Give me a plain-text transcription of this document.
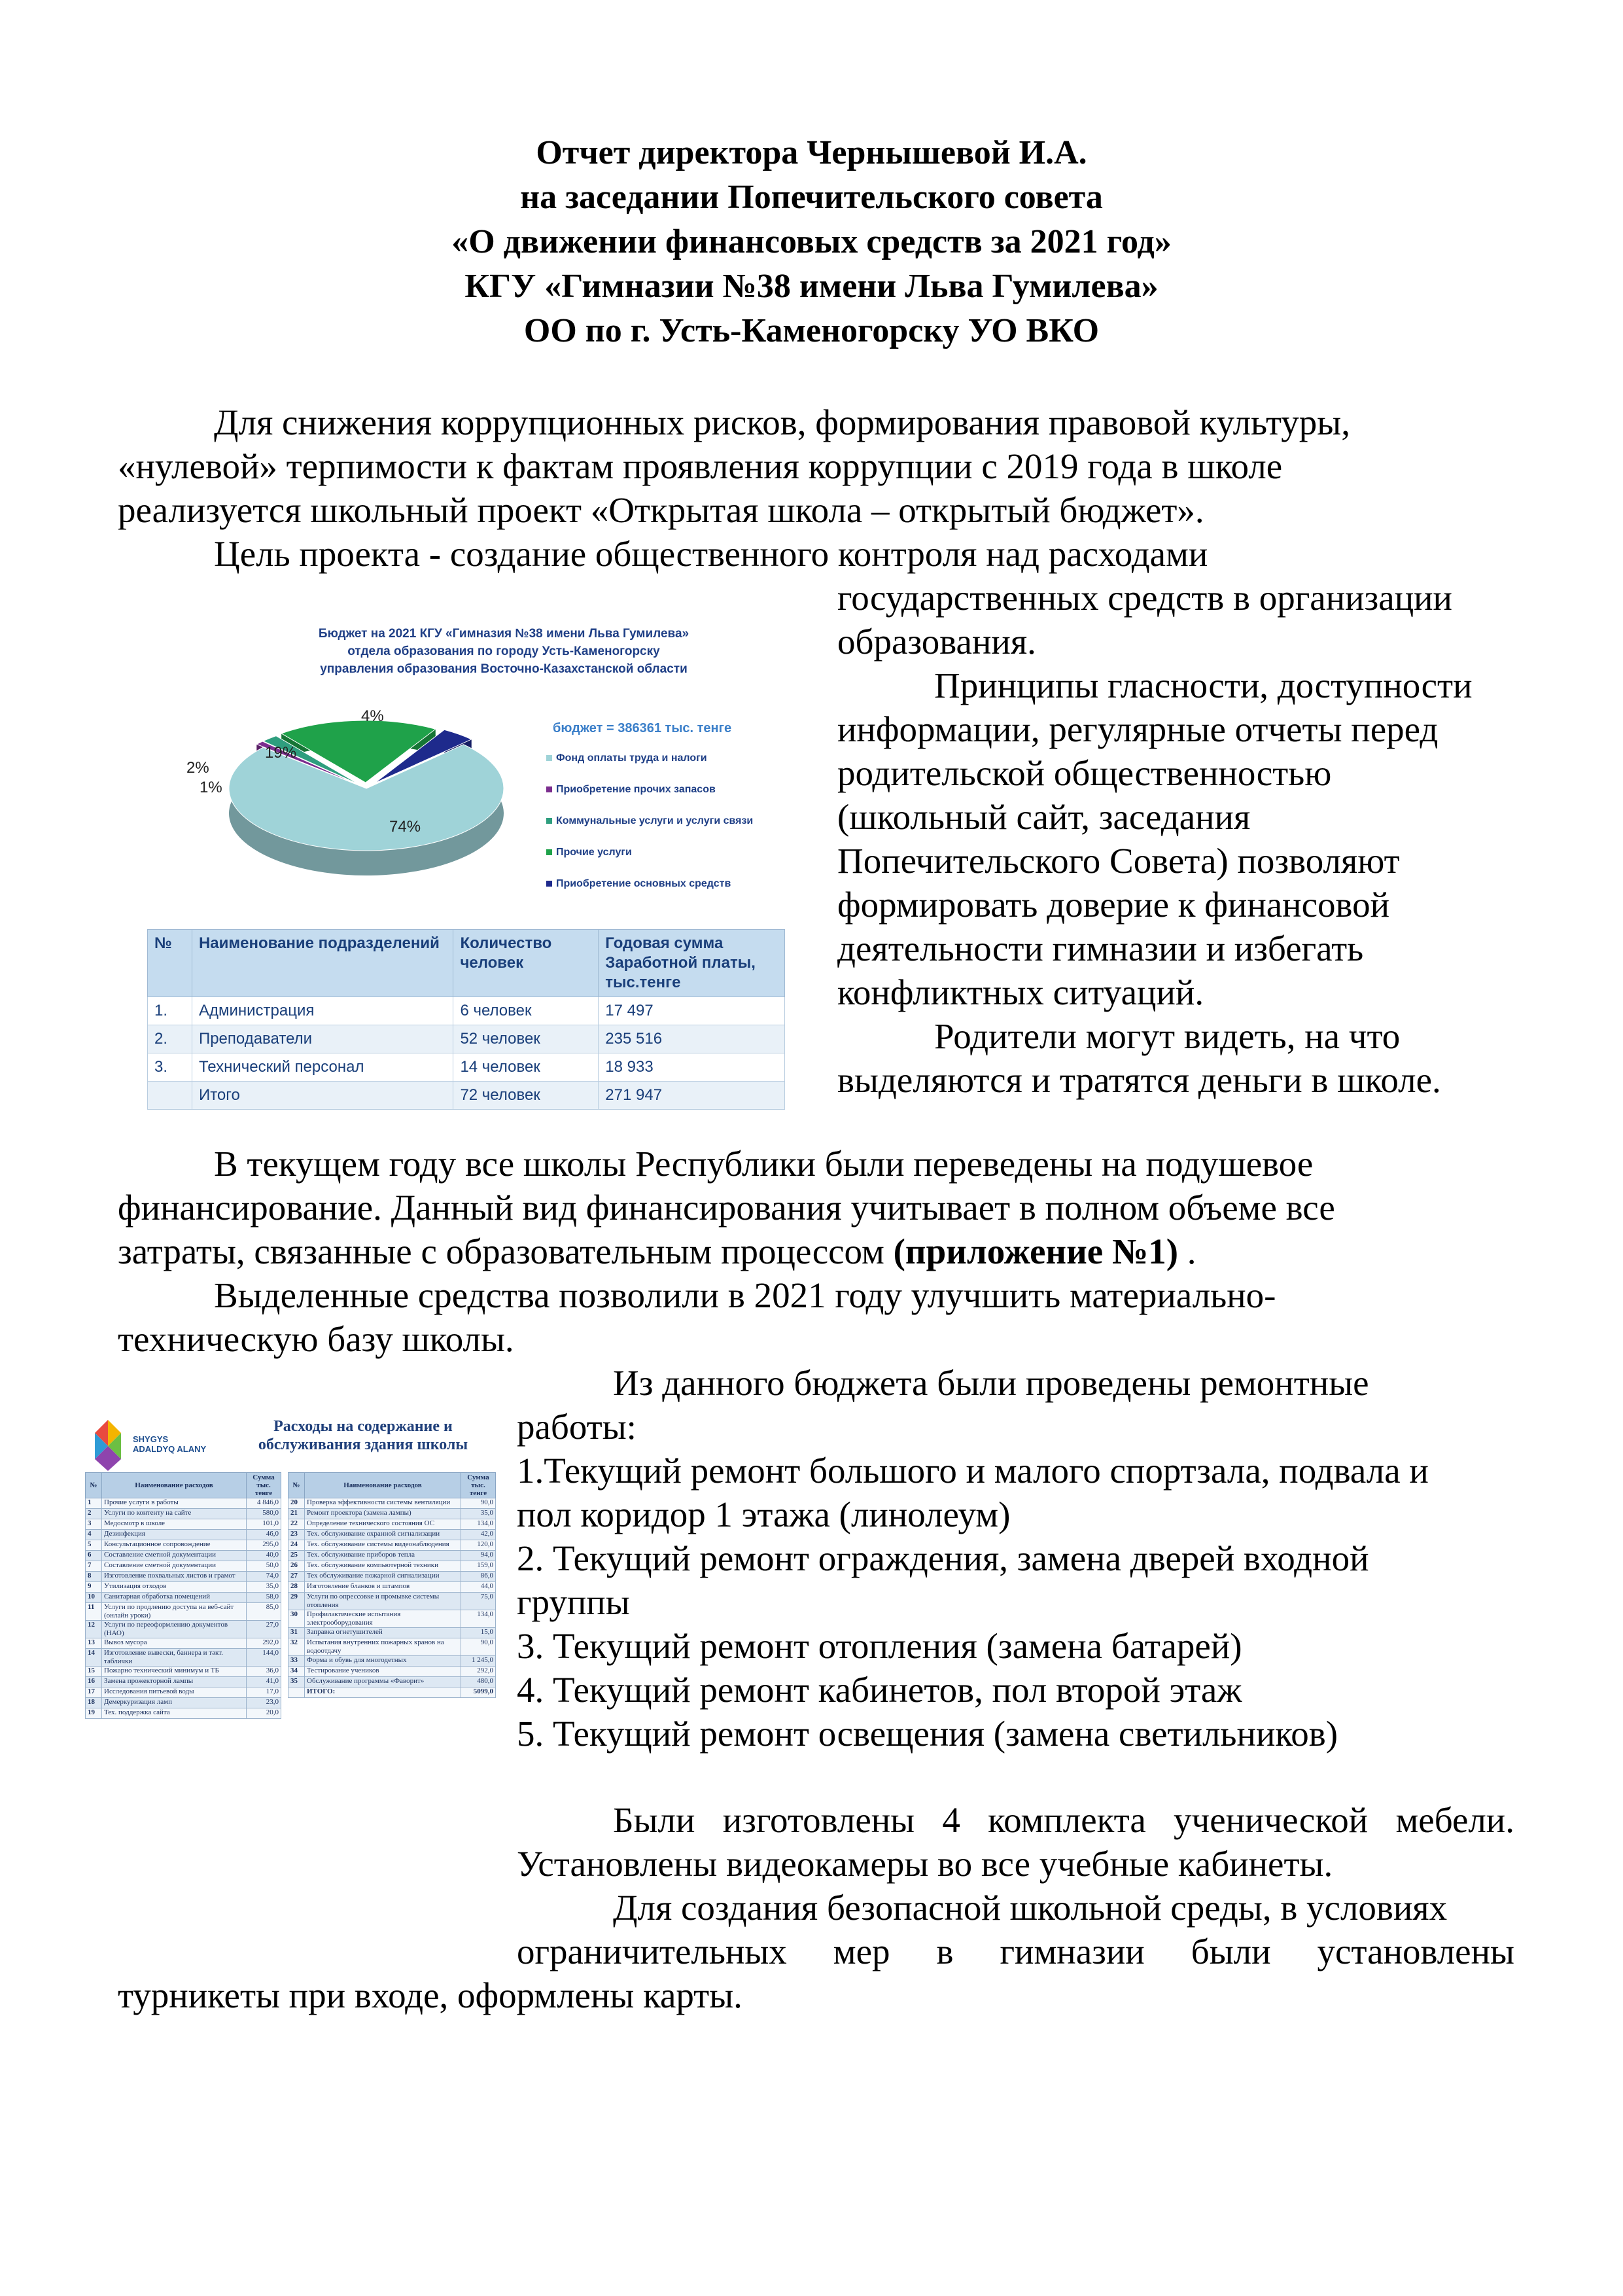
Отчет директора Чернышевой И.А.
на заседании Попечительского совета
«О движении финансовых средств за 2021 год»
КГУ «Гимназии №38 имени Льва Гумилева»
ОО по г. Усть-Каменогорску УО ВКО
Для снижения коррупционных рисков, формирования правовой культуры,
«нулевой» терпимости к фактам проявления коррупции с 2019 года в школе
реализуется школьный проект «Открытая школа – открытый бюджет».
Цель проекта - создание общественного контроля над расходами
государственных средств в организации
образования.
Принципы гласности, доступности
информации, регулярные отчеты перед
родительской общественностью
(школьный сайт, заседания
Попечительского Совета) позволяют
формировать доверие к финансовой
деятельности гимназии и избегать
конфликтных ситуаций.
Родители могут видеть, на что
выделяются и тратятся деньги в школе.
Бюджет на 2021 КГУ «Гимназия №38 имени Льва Гумилева»
отдела образования по городу Усть-Каменогорску
управления образования Восточно-Казахстанской области
74%
1%
2%
19%
4%
бюджет = 386361 тыс. тенге
Фонд оплаты труда и налоги
Приобретение прочих запасов
Коммунальные услуги и услуги связи
Прочие услуги
Приобретение основных средств
№	Наименование подразделений	Количество человек	Годовая сумма Заработной платы, тыс.тенге
1.	Администрация	6 человек	17 497
2.	Преподаватели	52 человек	235 516
3.	Технический персонал	14 человек	18 933
	Итого	72 человек	271 947
В текущем году все школы Республики были переведены на подушевое
финансирование. Данный вид финансирования учитывает в полном объеме все
затраты, связанные с образовательным процессом (приложение №1) .
Выделенные средства позволили в 2021 году улучшить материально-
техническую базу школы.
Из данного бюджета были проведены ремонтные
работы:
1.Текущий ремонт большого и малого спортзала, подвала и
пол коридор 1 этажа (линолеум)
2. Текущий ремонт ограждения, замена дверей входной
группы
3. Текущий ремонт отопления (замена батарей)
4. Текущий ремонт кабинетов, пол второй этаж
5. Текущий ремонт освещения (замена светильников)
Были изготовлены 4 комплекта ученической мебели.
Установлены видеокамеры во все учебные кабинеты.
Для создания безопасной школьной среды, в условиях
ограничительных мер в гимназии были установлены
турникеты при входе, оформлены карты.
SHYGYS
ADALDYQ ALANY
Расходы на содержание и
обслуживания здания школы
№	Наименование расходов	Сумма тыс. тенге
1	Прочие услуги в работы	4 846,0
2	Услуги по контенту на сайте	580,0
3	Медосмотр в школе	101,0
4	Дезинфекция	46,0
5	Консультационное сопровождение	295,0
6	Составление сметной документации	40,0
7	Составление сметной документации	50,0
8	Изготовление похвальных листов и грамот	74,0
9	Утилизация отходов	35,0
10	Санитарная обработка помещений	58,0
11	Услуги по продлению доступа на веб-сайт (онлайн уроки)	85,0
12	Услуги по переоформлению документов (НАО)	27,0
13	Вывоз мусора	292,0
14	Изготовление вывески, баннера и тəкт. таблички	144,0
15	Пожарно технический минимум и ТБ	36,0
16	Замена прожекторной лампы	41,0
17	Исследования питьевой воды	17,0
18	Демеркуризация ламп	23,0
19	Тех. поддержка сайта	20,0
№	Наименование расходов	Сумма тыс. тенге
20	Проверка эффективности системы вентиляции	90,0
21	Ремонт проектора (замена лампы)	35,0
22	Определение технического состояния ОС	134,0
23	Тех. обслуживание охранной сигнализации	42,0
24	Тех. обслуживание системы видеонаблюдения	120,0
25	Тех. обслуживание приборов тепла	94,0
26	Тех. обслуживание компьютерной техники	159,0
27	Тех обслуживание пожарной сигнализации	86,0
28	Изготовление бланков и штампов	44,0
29	Услуги по опрессовке и промывке системы отопления	75,0
30	Профилактические испытания электрооборудования	134,0
31	Заправка огнетушителей	15,0
32	Испытания внутренних пожарных кранов на водоотдачу	90,0
33	Форма и обувь для многодетных	1 245,0
34	Тестирование учеников	292,0
35	Обслуживание программы «Фаворит»	480,0
	ИТОГО:	5099,0
